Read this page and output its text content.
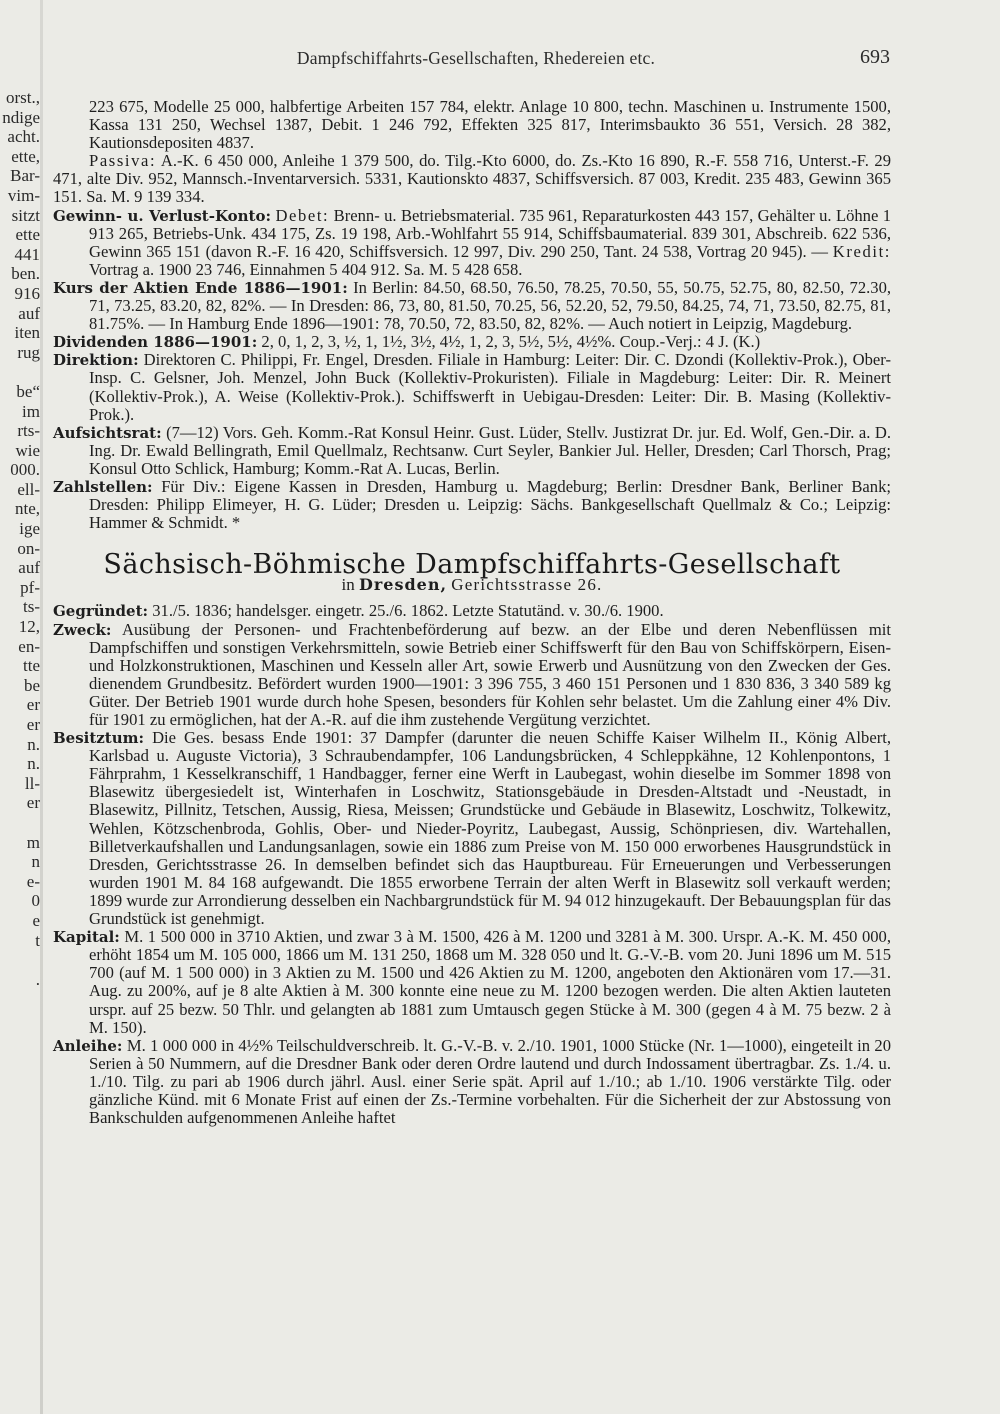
orst.,
ndige
acht.
ette,
Bar-
vim-
sitzt
ette
441
ben.
916
auf
iten
rug

be“
im
rts-
wie
000.
ell-
nte,
ige
on-
auf
pf-
ts-
12,
en-
tte
be
er
er
n.
n.
ll-
er

m
n
e-
0
e
t

.
Dampfschiffahrts-Gesellschaften, Rhedereien etc.	693

223 675, Modelle 25 000, halbfertige Arbeiten 157 784, elektr. Anlage 10 800, techn. Maschinen u. Instrumente 1500, Kassa 131 250, Wechsel 1387, Debit. 1 246 792, Effekten 325 817, Interimsbaukto 36 551, Versich. 28 382, Kautionsdepositen 4837.

Passiva: A.-K. 6 450 000, Anleihe 1 379 500, do. Tilg.-Kto 6000, do. Zs.-Kto 16 890, R.-F. 558 716, Unterst.-F. 29 471, alte Div. 952, Mannsch.-Inventarversich. 5331, Kautionskto 4837, Schiffsversich. 87 003, Kredit. 235 483, Gewinn 365 151. Sa. M. 9 139 334.

Gewinn- u. Verlust-Konto: Debet: Brenn- u. Betriebsmaterial. 735 961, Reparaturkosten 443 157, Gehälter u. Löhne 1 913 265, Betriebs-Unk. 434 175, Zs. 19 198, Arb.-Wohlfahrt 55 914, Schiffsbaumaterial. 839 301, Abschreib. 622 536, Gewinn 365 151 (davon R.-F. 16 420, Schiffsversich. 12 997, Div. 290 250, Tant. 24 538, Vortrag 20 945). — Kredit: Vortrag a. 1900 23 746, Einnahmen 5 404 912. Sa. M. 5 428 658.

Kurs der Aktien Ende 1886—1901: In Berlin: 84.50, 68.50, 76.50, 78.25, 70.50, 55, 50.75, 52.75, 80, 82.50, 72.30, 71, 73.25, 83.20, 82, 82%. — In Dresden: 86, 73, 80, 81.50, 70.25, 56, 52.20, 52, 79.50, 84.25, 74, 71, 73.50, 82.75, 81, 81.75%. — In Hamburg Ende 1896—1901: 78, 70.50, 72, 83.50, 82, 82%. — Auch notiert in Leipzig, Magdeburg.

Dividenden 1886—1901: 2, 0, 1, 2, 3, ½, 1, 1½, 3½, 4½, 1, 2, 3, 5½, 5½, 4½%. Coup.-Verj.: 4 J. (K.)

Direktion: Direktoren C. Philippi, Fr. Engel, Dresden. Filiale in Hamburg: Leiter: Dir. C. Dzondi (Kollektiv-Prok.), Ober-Insp. C. Gelsner, Joh. Menzel, John Buck (Kollektiv-Prokuristen). Filiale in Magdeburg: Leiter: Dir. R. Meinert (Kollektiv-Prok.), A. Weise (Kollektiv-Prok.). Schiffswerft in Uebigau-Dresden: Leiter: Dir. B. Masing (Kollektiv-Prok.).

Aufsichtsrat: (7—12) Vors. Geh. Komm.-Rat Konsul Heinr. Gust. Lüder, Stellv. Justizrat Dr. jur. Ed. Wolf, Gen.-Dir. a. D. Ing. Dr. Ewald Bellingrath, Emil Quellmalz, Rechtsanw. Curt Seyler, Bankier Jul. Heller, Dresden; Carl Thorsch, Prag; Konsul Otto Schlick, Hamburg; Komm.-Rat A. Lucas, Berlin.

Zahlstellen: Für Div.: Eigene Kassen in Dresden, Hamburg u. Magdeburg; Berlin: Dresdner Bank, Berliner Bank; Dresden: Philipp Elimeyer, H. G. Lüder; Dresden u. Leipzig: Sächs. Bankgesellschaft Quellmalz & Co.; Leipzig: Hammer & Schmidt. *

Sächsisch-Böhmische Dampfschiffahrts-Gesellschaft
in Dresden, Gerichtsstrasse 26.

Gegründet: 31./5. 1836; handelsger. eingetr. 25./6. 1862. Letzte Statutänd. v. 30./6. 1900.

Zweck: Ausübung der Personen- und Frachtenbeförderung auf bezw. an der Elbe und deren Nebenflüssen mit Dampfschiffen und sonstigen Verkehrsmitteln, sowie Betrieb einer Schiffswerft für den Bau von Schiffskörpern, Eisen- und Holzkonstruktionen, Maschinen und Kesseln aller Art, sowie Erwerb und Ausnützung von den Zwecken der Ges. dienendem Grundbesitz. Befördert wurden 1900—1901: 3 396 755, 3 460 151 Personen und 1 830 836, 3 340 589 kg Güter. Der Betrieb 1901 wurde durch hohe Spesen, besonders für Kohlen sehr belastet. Um die Zahlung einer 4% Div. für 1901 zu ermöglichen, hat der A.-R. auf die ihm zustehende Vergütung verzichtet.

Besitztum: Die Ges. besass Ende 1901: 37 Dampfer (darunter die neuen Schiffe Kaiser Wilhelm II., König Albert, Karlsbad u. Auguste Victoria), 3 Schraubendampfer, 106 Landungsbrücken, 4 Schleppkähne, 12 Kohlenpontons, 1 Fährprahm, 1 Kesselkranschiff, 1 Handbagger, ferner eine Werft in Laubegast, wohin dieselbe im Sommer 1898 von Blasewitz übergesiedelt ist, Winterhafen in Loschwitz, Stationsgebäude in Dresden-Altstadt und -Neustadt, in Blasewitz, Pillnitz, Tetschen, Aussig, Riesa, Meissen; Grundstücke und Gebäude in Blasewitz, Loschwitz, Tolkewitz, Wehlen, Kötzschenbroda, Gohlis, Ober- und Nieder-Poyritz, Laubegast, Aussig, Schönpriesen, div. Wartehallen, Billetverkaufshallen und Landungsanlagen, sowie ein 1886 zum Preise von M. 150 000 erworbenes Hausgrundstück in Dresden, Gerichtsstrasse 26. In demselben befindet sich das Hauptbureau. Für Erneuerungen und Verbesserungen wurden 1901 M. 84 168 aufgewandt. Die 1855 erworbene Terrain der alten Werft in Blasewitz soll verkauft werden; 1899 wurde zur Arrondierung desselben ein Nachbargrundstück für M. 94 012 hinzugekauft. Der Bebauungsplan für das Grundstück ist genehmigt.

Kapital: M. 1 500 000 in 3710 Aktien, und zwar 3 à M. 1500, 426 à M. 1200 und 3281 à M. 300. Urspr. A.-K. M. 450 000, erhöht 1854 um M. 105 000, 1866 um M. 131 250, 1868 um M. 328 050 und lt. G.-V.-B. vom 20. Juni 1896 um M. 515 700 (auf M. 1 500 000) in 3 Aktien zu M. 1500 und 426 Aktien zu M. 1200, angeboten den Aktionären vom 17.—31. Aug. zu 200%, auf je 8 alte Aktien à M. 300 konnte eine neue zu M. 1200 bezogen werden. Die alten Aktien lauteten urspr. auf 25 bezw. 50 Thlr. und gelangten ab 1881 zum Umtausch gegen Stücke à M. 300 (gegen 4 à M. 75 bezw. 2 à M. 150).

Anleihe: M. 1 000 000 in 4½% Teilschuldverschreib. lt. G.-V.-B. v. 2./10. 1901, 1000 Stücke (Nr. 1—1000), eingeteilt in 20 Serien à 50 Nummern, auf die Dresdner Bank oder deren Ordre lautend und durch Indossament übertragbar. Zs. 1./4. u. 1./10. Tilg. zu pari ab 1906 durch jährl. Ausl. einer Serie spät. April auf 1./10.; ab 1./10. 1906 verstärkte Tilg. oder gänzliche Künd. mit 6 Monate Frist auf einen der Zs.-Termine vorbehalten. Für die Sicherheit der zur Abstossung von Bankschulden aufgenommenen Anleihe haftet
